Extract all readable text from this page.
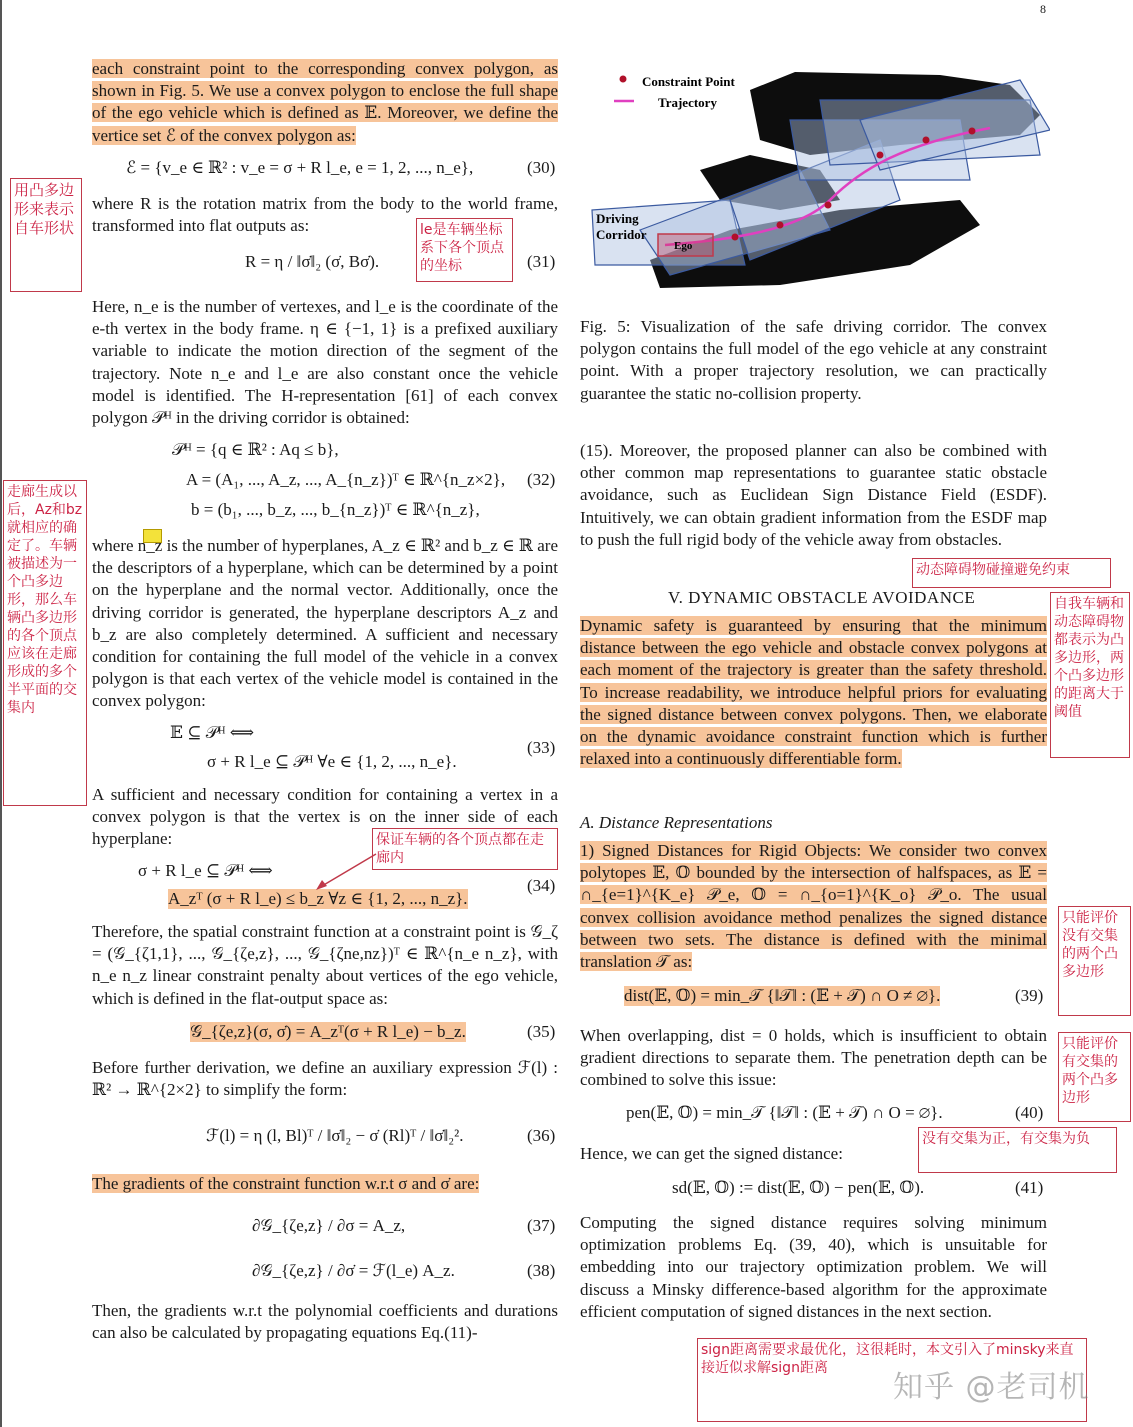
8
each constraint point to the corresponding convex polygon, as shown in Fig. 5. We use a convex polygon to enclose the full shape of the ego vehicle which is defined as 𝔼. Moreover, we define the vertice set ℰ of the convex polygon as:
ℰ = {v_e ∈ ℝ² : v_e = σ + R l_e, e = 1, 2, ..., n_e},	(30)
where R is the rotation matrix from the body to the world frame, transformed into flat outputs as:
R = η / ‖σ̇‖₂ (σ̇, Bσ̇).	(31)
Here, n_e is the number of vertexes, and l_e is the coordinate of the e-th vertex in the body frame. η ∈ {−1, 1} is a prefixed auxiliary variable to indicate the motion direction of the segment of the trajectory. Note n_e and l_e are also constant once the vehicle model is identified. The H-representation [61] of each convex polygon 𝒫ᴴ in the driving corridor is obtained:
𝒫ᴴ = {q ∈ ℝ² : Aq ≤ b},
A = (A₁, ..., A_z, ..., A_{n_z})ᵀ ∈ ℝ^{n_z×2},
b = (b₁, ..., b_z, ..., b_{n_z})ᵀ ∈ ℝ^{n_z},
(32)
where n_z is the number of hyperplanes, A_z ∈ ℝ² and b_z ∈ ℝ are the descriptors of a hyperplane, which can be determined by a point on the hyperplane and the normal vector. Additionally, once the driving corridor is generated, the hyperplane descriptors A_z and b_z are also completely determined. A sufficient and necessary condition for containing the full model of the vehicle in a convex polygon is that each vertex of the vehicle model is contained in the convex polygon:
𝔼 ⊆ 𝒫ᴴ ⟺
σ + R l_e ⊆ 𝒫ᴴ ∀e ∈ {1, 2, ..., n_e}.
(33)
A sufficient and necessary condition for containing a vertex in a convex polygon is that the vertex is on the inner side of each hyperplane:
σ + R l_e ⊆ 𝒫ᴴ ⟺
A_zᵀ (σ + R l_e) ≤ b_z ∀z ∈ {1, 2, ..., n_z}.
(34)
Therefore, the spatial constraint function at a constraint point is 𝒢_ζ = (𝒢_{ζ1,1}, ..., 𝒢_{ζe,z}, ..., 𝒢_{ζne,nz})ᵀ ∈ ℝ^{n_e n_z}, with n_e n_z linear constraint penalty about vertices of the ego vehicle, which is defined in the flat-output space as:
𝒢_{ζe,z}(σ, σ̇) = A_zᵀ(σ + R l_e) − b_z.	(35)
Before further derivation, we define an auxiliary expression ℱ(l) : ℝ² → ℝ^{2×2} to simplify the form:
ℱ(l) = η (l, Bl)ᵀ / ‖σ̇‖₂ − σ̇ (Rl)ᵀ / ‖σ̇‖₂².	(36)
The gradients of the constraint function w.r.t σ and σ̇ are:
∂𝒢_{ζe,z} / ∂σ = A_z,	(37)
∂𝒢_{ζe,z} / ∂σ̇ = ℱ(l_e) A_z.	(38)
Then, the gradients w.r.t the polynomial coefficients and durations can also be calculated by propagating equations Eq.(11)-
Constraint Point
Trajectory
Driving
Corridor
Ego
Fig. 5: Visualization of the safe driving corridor. The convex polygon contains the full model of the ego vehicle at any constraint point. With a proper trajectory resolution, we can practically guarantee the static no-collision property.
(15). Moreover, the proposed planner can also be combined with other common map representations to guarantee static obstacle avoidance, such as Euclidean Sign Distance Field (ESDF). Intuitively, we can obtain gradient information from the ESDF map to push the full rigid body of the vehicle away from obstacles.
V. DYNAMIC OBSTACLE AVOIDANCE
Dynamic safety is guaranteed by ensuring that the minimum distance between the ego vehicle and obstacle convex polygons at each moment of the trajectory is greater than the safety threshold. To increase readability, we introduce helpful priors for evaluating the signed distance between convex polygons. Then, we elaborate on the dynamic avoidance constraint function which is further relaxed into a continuously differentiable form.
A. Distance Representations
1) Signed Distances for Rigid Objects: We consider two convex polytopes 𝔼, 𝕆 bounded by the intersection of halfspaces, as 𝔼 = ∩_{e=1}^{K_e} 𝒫_e, 𝕆 = ∩_{o=1}^{K_o} 𝒫_o. The usual convex collision avoidance method penalizes the signed distance between two sets. The distance is defined with the minimal translation 𝒯 as:
dist(𝔼, 𝕆) = min_𝒯 {‖𝒯‖ : (𝔼 + 𝒯) ∩ O ≠ ∅}.	(39)
When overlapping, dist = 0 holds, which is insufficient to obtain gradient directions to separate them. The penetration depth can be combined to solve this issue:
pen(𝔼, 𝕆) = min_𝒯 {‖𝒯‖ : (𝔼 + 𝒯) ∩ O = ∅}.	(40)
Hence, we can get the signed distance:
sd(𝔼, 𝕆) := dist(𝔼, 𝕆) − pen(𝔼, 𝕆).	(41)
Computing the signed distance requires solving minimum optimization problems Eq. (39, 40), which is unsuitable for embedding into our trajectory optimization problem. We will discuss a Minsky difference-based algorithm for the approximate efficient computation of signed distances in the next section.
用凸多边形来表示自车形状	le是车辆坐标系下各个顶点的坐标
走廊生成以后，Az和bz就相应的确定了。车辆被描述为一个凸多边形，那么车辆凸多边形的各个顶点应该在走廊形成的多个半平面的交集内
保证车辆的各个顶点都在走廊内
动态障碍物碰撞避免约束
自我车辆和动态障碍物都表示为凸多边形，两个凸多边形的距离大于阈值
只能评价没有交集的两个凸多边形
只能评价有交集的两个凸多边形
没有交集为正，有交集为负
sign距离需要求最优化，这很耗时，本文引入了minsky来直接近似求解sign距离
知乎 @老司机
